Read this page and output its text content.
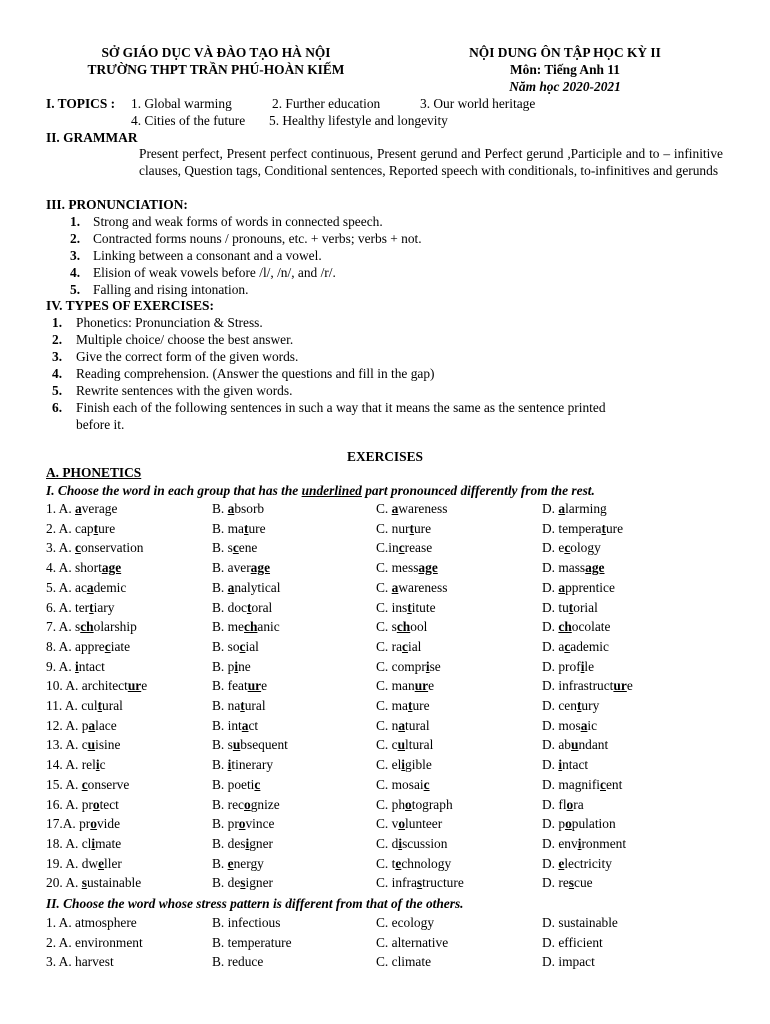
SỞ GIÁO DỤC VÀ ĐÀO TẠO HÀ NỘI
TRƯỜNG THPT TRẦN PHÚ-HOÀN KIẾM
NỘI DUNG ÔN TẬP HỌC KỲ II
Môn: Tiếng Anh 11
Năm học 2020-2021
I. TOPICS : 1. Global warming	2. Further education	3. Our world heritage
4. Cities of the future 5. Healthy lifestyle and longevity
II. GRAMMAR
Present perfect, Present perfect continuous, Present gerund and Perfect gerund ,Participle and to – infinitive clauses, Question tags, Conditional sentences, Reported speech with conditionals, to-infinitives and gerunds
III. PRONUNCIATION:
1. Strong and weak forms of words in connected speech.
2. Contracted forms nouns / pronouns, etc. + verbs; verbs + not.
3. Linking between a consonant and a vowel.
4. Elision of weak vowels before /l/, /n/, and /r/.
5. Falling and rising intonation.
IV. TYPES OF EXERCISES:
1. Phonetics: Pronunciation & Stress.
2. Multiple choice/ choose the best answer.
3. Give the correct form of the given words.
4. Reading comprehension. (Answer the questions and fill in the gap)
5. Rewrite sentences with the given words.
6. Finish each of the following sentences in such a way that it means the same as the sentence printed
before it.
EXERCISES
A. PHONETICS
I. Choose the word in each group that has the underlined part pronounced differently from the rest.
1. A. average	B. absorb	C. awareness	D. alarming
2. A. capture	B. mature	C. nurture	D. temperature
3. A. conservation	B. scene	C.increase	D. ecology
4. A. shortage	B. average	C. message	D. massage
5. A. academic	B. analytical	C. awareness	D. apprentice
6. A. tertiary	B. doctoral	C. institute	D. tutorial
7. A. scholarship	B. mechanic	C. school	D. chocolate
8. A. appreciate	B. social	C. racial	D. academic
9. A. intact	B. pine	C. comprise	D. profile
10. A. architecture	B. feature	C. manure	D. infrastructure
11. A. cultural	B. natural	C. mature	D. century
12. A. palace	B. intact	C. natural	D. mosaic
13. A. cuisine	B. subsequent	C. cultural	D. abundant
14. A. relic	B. itinerary	C. eligible	D. intact
15. A. conserve	B. poetic	C. mosaic	D. magnificent
16. A. protect	B. recognize	C. photograph	D. flora
17.A. provide	B. province	C. volunteer	D. population
18. A. climate	B. designer	C. discussion	D. environment
19. A. dweller	B. energy	C. technology	D. electricity
20. A. sustainable	B. designer	C. infrastructure	D. rescue
II. Choose the word whose stress pattern is different from that of the others.
1. A. atmosphere	B. infectious	C. ecology	D. sustainable
2. A. environment	B. temperature	C. alternative	D. efficient
3. A. harvest	B. reduce	C. climate	D. impact
